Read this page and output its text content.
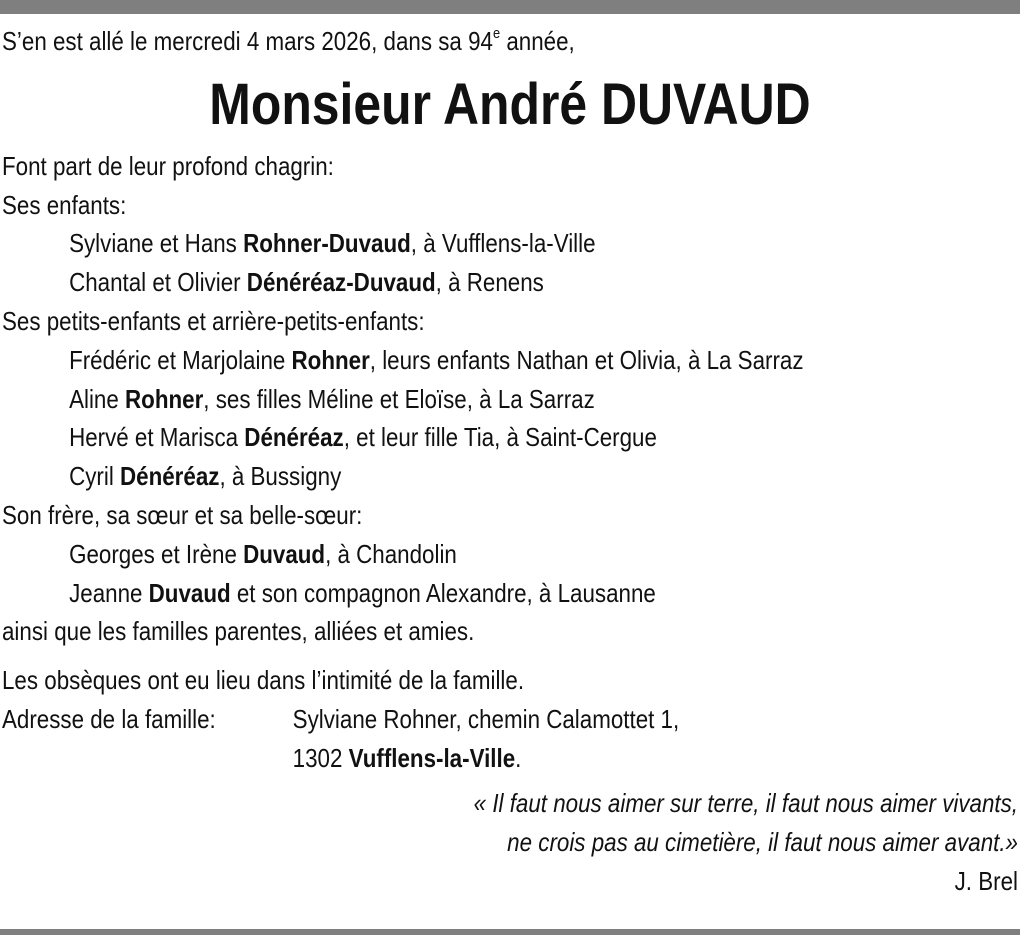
S’en est allé le mercredi 4 mars 2026, dans sa 94e année,
Monsieur André DUVAUD
Font part de leur profond chagrin:
Ses enfants:
Sylviane et Hans Rohner-Duvaud, à Vufflens-la-Ville
Chantal et Olivier Dénéréaz-Duvaud, à Renens
Ses petits-enfants et arrière-petits-enfants:
Frédéric et Marjolaine Rohner, leurs enfants Nathan et Olivia, à La Sarraz
Aline Rohner, ses filles Méline et Eloïse, à La Sarraz
Hervé et Marisca Dénéréaz, et leur fille Tia, à Saint-Cergue
Cyril Dénéréaz, à Bussigny
Son frère, sa sœur et sa belle-sœur:
Georges et Irène Duvaud, à Chandolin
Jeanne Duvaud et son compagnon Alexandre, à Lausanne
ainsi que les familles parentes, alliées et amies.
Les obsèques ont eu lieu dans l’intimité de la famille.
Adresse de la famille:	Sylviane Rohner, chemin Calamottet 1,
1302 Vufflens-la-Ville.
« Il faut nous aimer sur terre, il faut nous aimer vivants,
ne crois pas au cimetière, il faut nous aimer avant.»
J. Brel
